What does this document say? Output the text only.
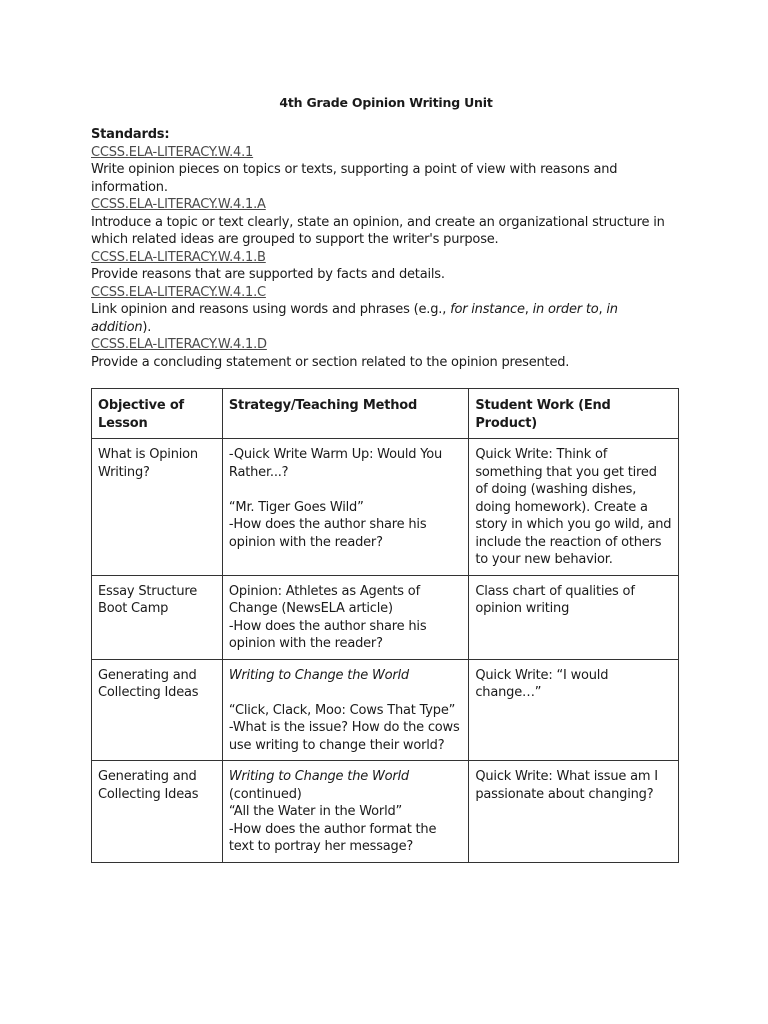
4th Grade Opinion Writing Unit
Standards:
CCSS.ELA-LITERACY.W.4.1
Write opinion pieces on topics or texts, supporting a point of view with reasons and information.
CCSS.ELA-LITERACY.W.4.1.A
Introduce a topic or text clearly, state an opinion, and create an organizational structure in which related ideas are grouped to support the writer's purpose.
CCSS.ELA-LITERACY.W.4.1.B
Provide reasons that are supported by facts and details.
CCSS.ELA-LITERACY.W.4.1.C
Link opinion and reasons using words and phrases (e.g., for instance, in order to, in addition).
CCSS.ELA-LITERACY.W.4.1.D
Provide a concluding statement or section related to the opinion presented.
Objective of Lesson	Strategy/Teaching Method	Student Work (End Product)
What is Opinion Writing?	-Quick Write Warm Up: Would You Rather...?
“Mr. Tiger Goes Wild”
-How does the author share his opinion with the reader?	Quick Write: Think of something that you get tired of doing (washing dishes, doing homework). Create a story in which you go wild, and include the reaction of others to your new behavior.
Essay Structure Boot Camp	Opinion: Athletes as Agents of Change (NewsELA article)
-How does the author share his opinion with the reader?	Class chart of qualities of opinion writing
Generating and Collecting Ideas	Writing to Change the World
“Click, Clack, Moo: Cows That Type”
-What is the issue? How do the cows use writing to change their world?	Quick Write: “I would change…”
Generating and Collecting Ideas	Writing to Change the World (continued)
“All the Water in the World”
-How does the author format the text to portray her message?	Quick Write: What issue am I passionate about changing?
